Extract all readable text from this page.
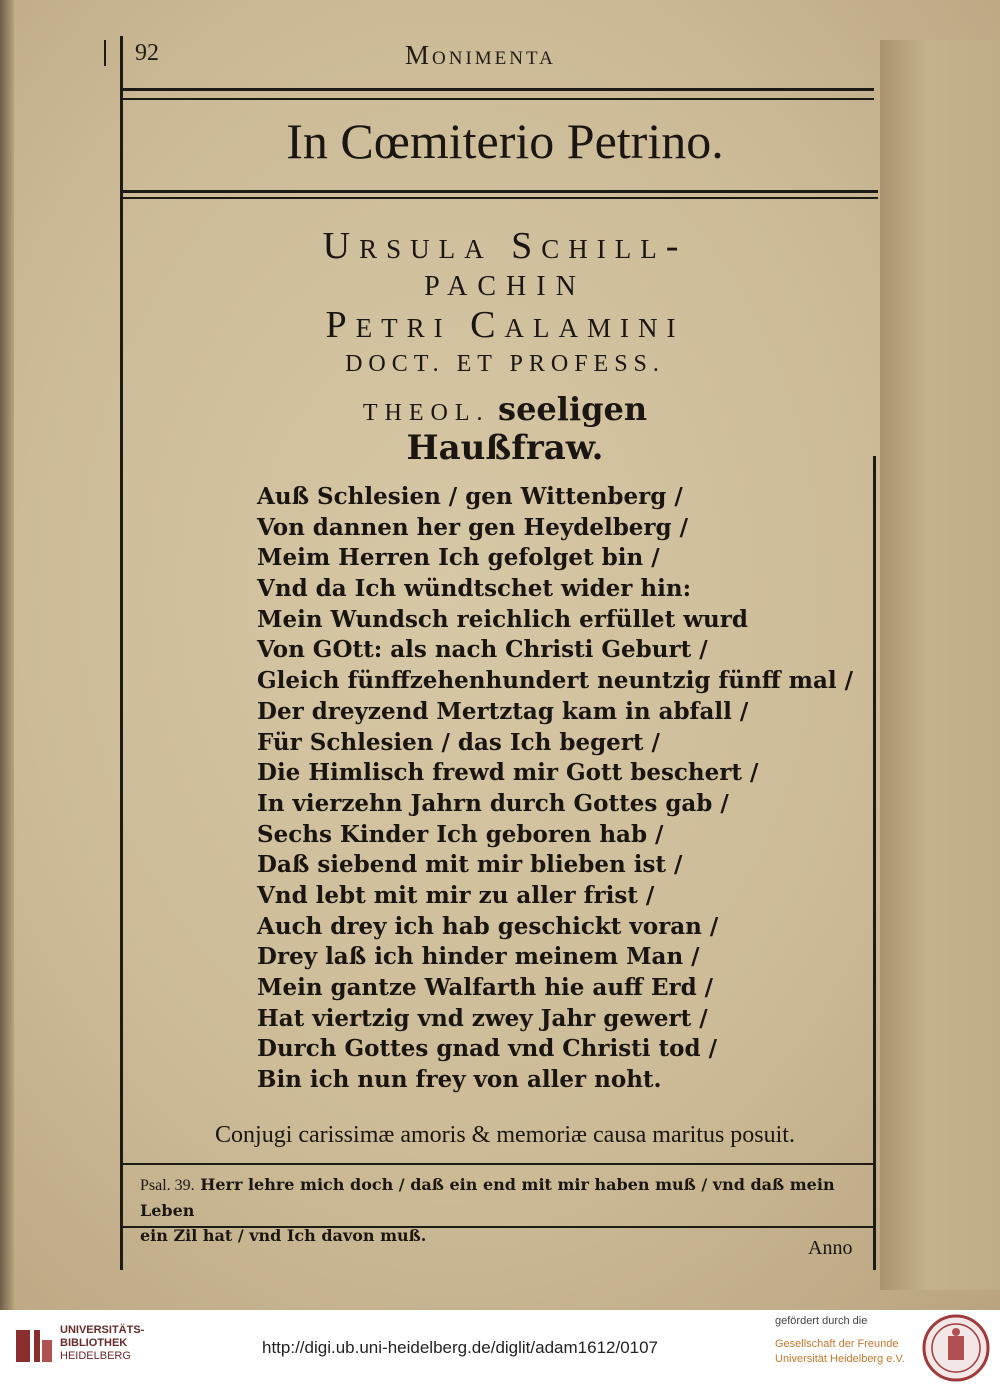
92	Monimenta
In Cœmiterio Petrino.
Ursula Schill-
PACHIN
Petri Calamini
DOCT. ET PROFESS.
THEOL. seeligen
Haußfraw.
Auß Schlesien / gen Wittenberg /
Von dannen her gen Heydelberg /
Meim Herren Ich gefolget bin /
Vnd da Ich wündtschet wider hin:
Mein Wundsch reichlich erfüllet wurd
Von GOtt: als nach Christi Geburt /
Gleich fünffzehenhundert neuntzig fünff mal /
Der dreyzend Mertztag kam in abfall /
Für Schlesien / das Ich begert /
Die Himlisch frewd mir Gott beschert /
In vierzehn Jahrn durch Gottes gab /
Sechs Kinder Ich geboren hab /
Daß siebend mit mir blieben ist /
Vnd lebt mit mir zu aller frist /
Auch drey ich hab geschickt voran /
Drey laß ich hinder meinem Man /
Mein gantze Walfarth hie auff Erd /
Hat viertzig vnd zwey Jahr gewert /
Durch Gottes gnad vnd Christi tod /
Bin ich nun frey von aller noht.
Conjugi carissimæ amoris & memoriæ causa maritus posuit.
Psal. 39. Herr lehre mich doch / daß ein end mit mir haben muß / vnd daß mein Leben
ein Zil hat / vnd Ich davon muß.
Anno
UNIVERSITÄTS-
BIBLIOTHEK
HEIDELBERG	http://digi.ub.uni-heidelberg.de/diglit/adam1612/0107
gefördert durch die
Gesellschaft der Freunde
Universität Heidelberg e.V.
